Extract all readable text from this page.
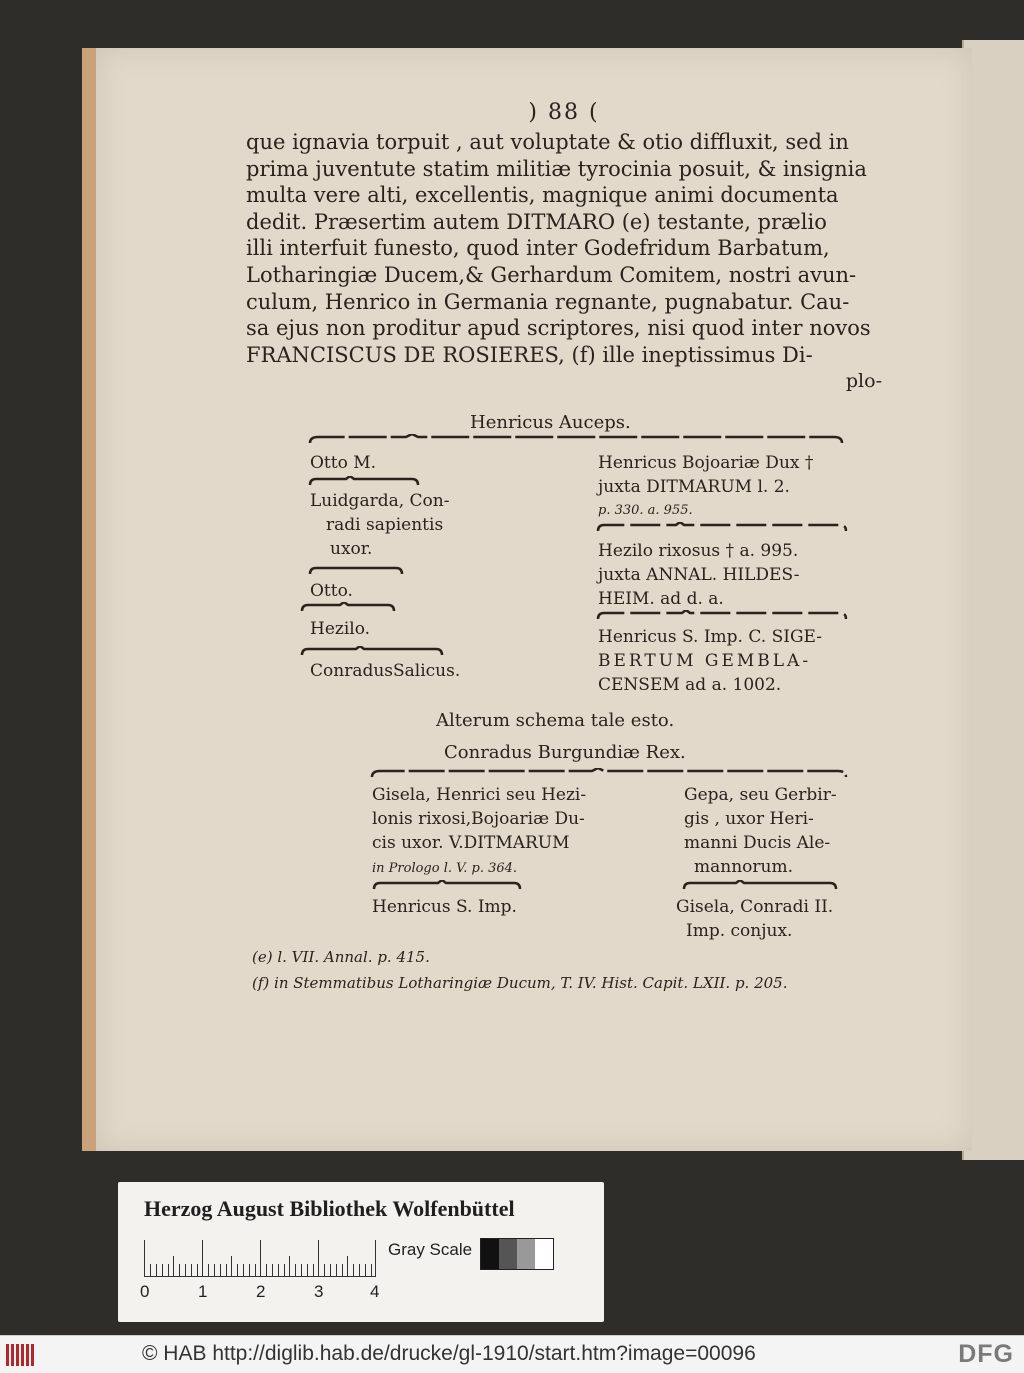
) 88 (
que ignavia torpuit , aut voluptate & otio diffluxit, sed in
prima juventute statim militiæ tyrocinia posuit, & insignia
multa vere alti, excellentis, magnique animi documenta
dedit. Præsertim autem DITMARO (e) testante, prælio
illi interfuit funesto, quod inter Godefridum Barbatum,
Lotharingiæ Ducem,& Gerhardum Comitem, nostri avun-
culum, Henrico in Germania regnante, pugnabatur. Cau-
sa ejus non proditur apud scriptores, nisi quod inter novos
FRANCISCUS DE ROSIERES, (f) ille ineptissimus Di-
plo-
Henricus Auceps.
Otto M.
Luidgarda, Con-
radi sapientis
uxor.
Otto.
Hezilo.
ConradusSalicus.
Henricus Bojoariæ Dux †
juxta DITMARUM l. 2.
p. 330. a. 955.
Hezilo rixosus † a. 995.
juxta ANNAL. HILDES-
HEIM. ad d. a.
Henricus S. Imp. C. SIGE-
BERTUM GEMBLA-
CENSEM ad a. 1002.
Alterum schema tale esto.
Conradus Burgundiæ Rex.
Gisela, Henrici seu Hezi-
lonis rixosi,Bojoariæ Du-
cis uxor. V.DITMARUM
in Prologo l. V. p. 364.
Henricus S. Imp.
Gepa, seu Gerbir-
gis , uxor Heri-
manni Ducis Ale-
mannorum.
Gisela, Conradi II.
Imp. conjux.
(e) l. VII. Annal. p. 415.
(f) in Stemmatibus Lotharingiæ Ducum, T. IV. Hist. Capit. LXII. p. 205.
Herzog August Bibliothek Wolfenbüttel
0	1	2	3	4
Gray Scale
© HAB http://diglib.hab.de/drucke/gl-1910/start.htm?image=00096	DFG
